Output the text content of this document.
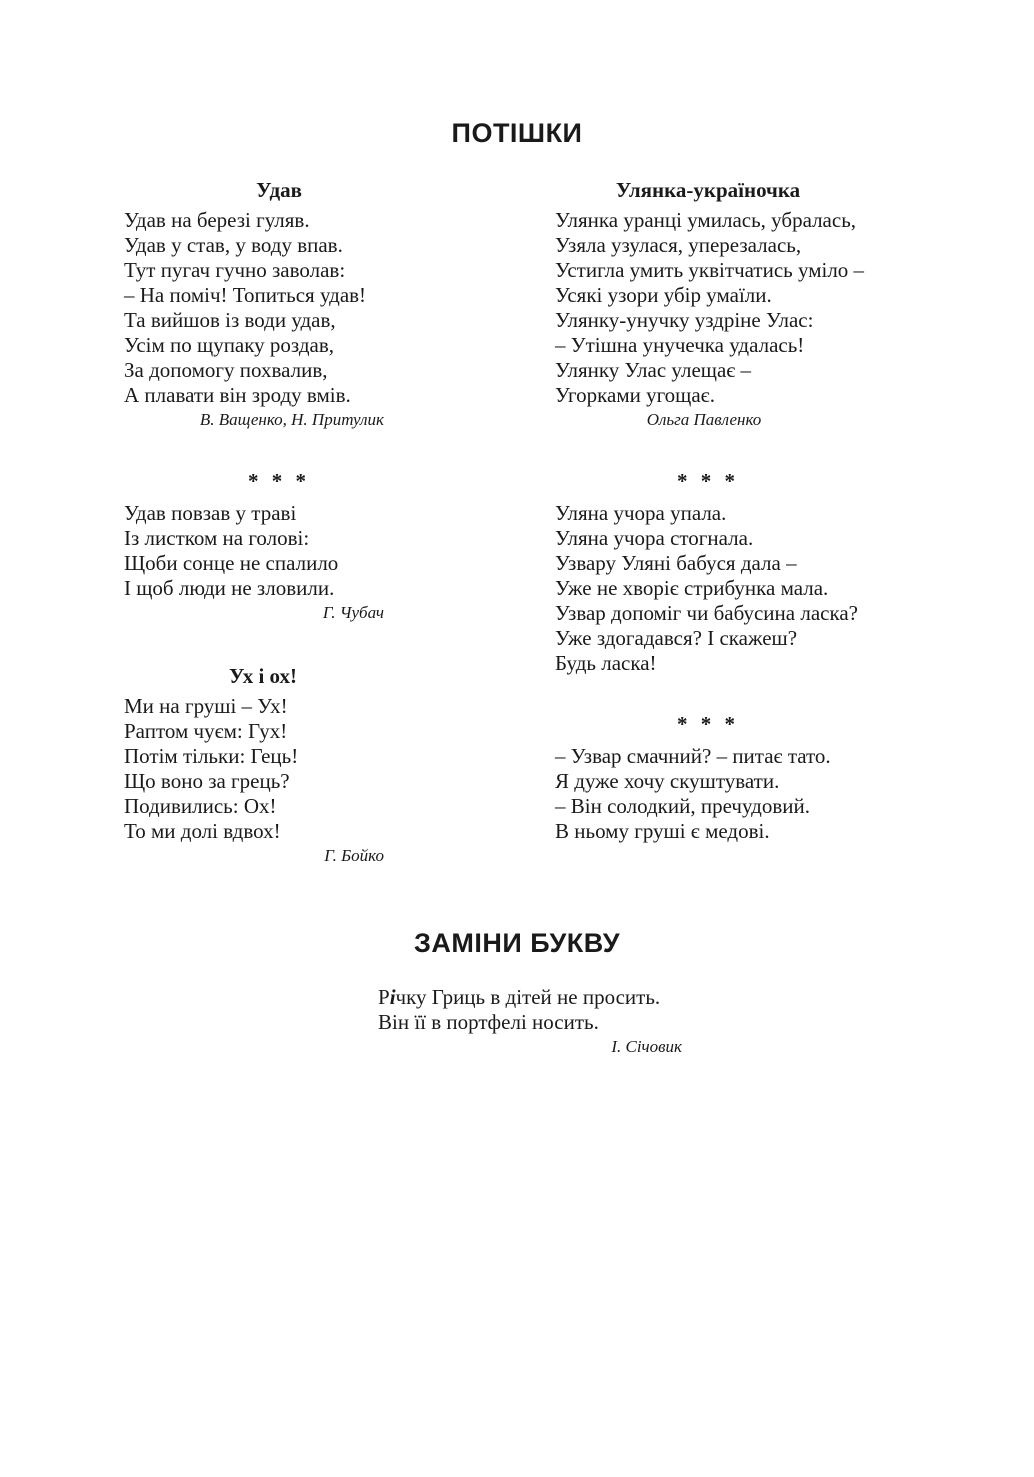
ПОТІШКИ
Удав
Удав на березі гуляв.
Удав у став, у воду впав.
Тут пугач гучно заволав:
– На поміч! Топиться удав!
Та вийшов із води удав,
Усім по щупаку роздав,
За допомогу похвалив,
А плавати він зроду вмів.
В. Ващенко, Н. Притулик
* * *
Удав повзав у траві
Із листком на голові:
Щоби сонце не спалило
І щоб люди не зловили.
Г. Чубач
Ух і ох!
Ми на груші – Ух!
Раптом чуєм: Гух!
Потім тільки: Гець!
Що воно за грець?
Подивились: Ох!
То ми долі вдвох!
Г. Бойко
Улянка-україночка
Улянка уранці умилась, убралась,
Узяла узулася, уперезалась,
Устигла умить уквітчатись уміло –
Усякі узори убір умаїли.
Улянку-унучку уздріне Улас:
– Утішна унучечка удалась!
Улянку Улас улещає –
Угорками угощає.
Ольга Павленко
* * *
Уляна учора упала.
Уляна учора стогнала.
Узвару Уляні бабуся дала –
Уже не хворіє стрибунка мала.
Узвар допоміг чи бабусина ласка?
Уже здогадався? І скажеш?
Будь ласка!
* * *
– Узвар смачний? – питає тато.
Я дуже хочу скуштувати.
– Він солодкий, пречудовий.
В ньому груші є медові.
ЗАМІНИ БУКВУ
Річку Гриць в дітей не просить.
Він її в портфелі носить.
І. Січовик
